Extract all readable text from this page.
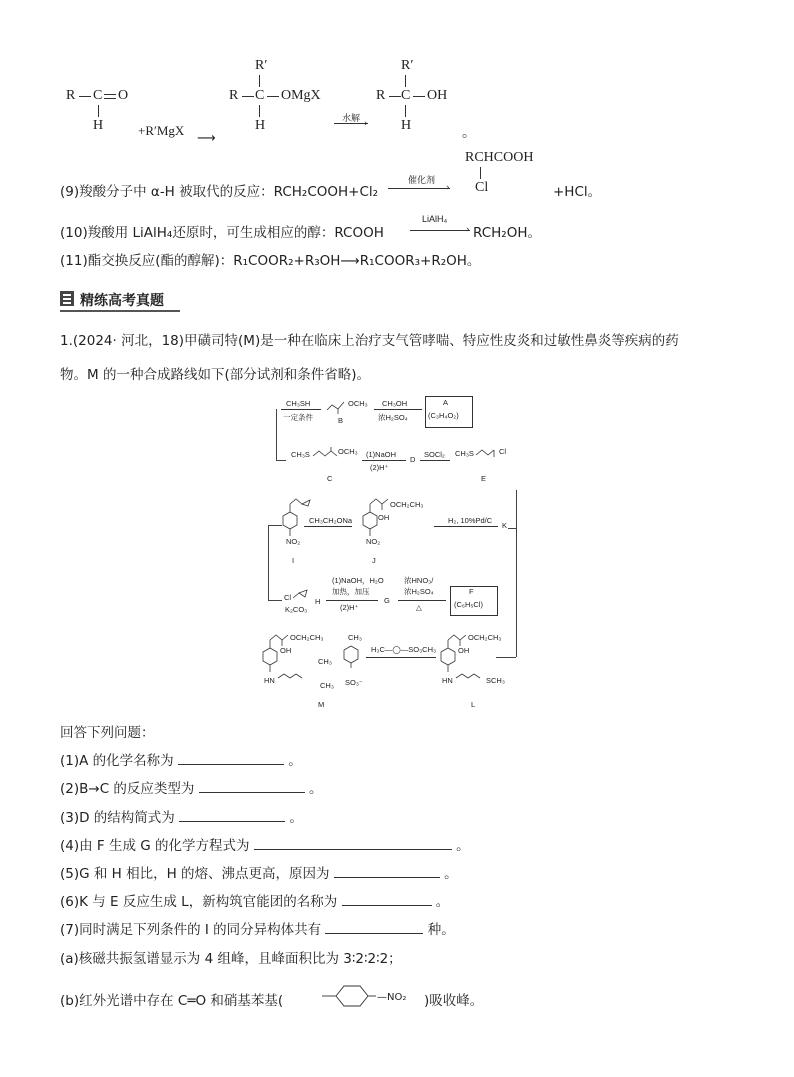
R C O
H	+R′MgX
⟶
R′
R C OMgX
H	水解
›
R′
R C OH
H	。
(9)羧酸分子中 α-H 被取代的反应：RCH₂COOH+Cl₂
催化剂
›
RCHCOOH
Cl	+HCl。
(10)羧酸用 LiAlH₄还原时，可生成相应的醇：RCOOH
LiAlH₄
› RCH₂OH。
(11)酯交换反应(酯的醇解)：R₁COOR₂+R₃OH⟶R₁COOR₃+R₂OH。
精练高考真题
1.(2024· 河北，18)甲磺司特(M)是一种在临床上治疗支气管哮喘、特应性皮炎和过敏性鼻炎等疾病的药
物。M 的一种合成路线如下(部分试剂和条件省略)。
CH₃SH
一定条件
OCH₃
B
CH₃OH
浓H₂SO₄
A
(C₃H₄O₂)
CH₃S	OCH₃
C
(1)NaOH
(2)H⁺
D
SOCl₂ CH₃S	Cl
E
NO₂
I
CH₃CH₂ONa
OCH₂CH₃
OH
NO₂
J
H₂, 10%Pd/C
K
Cl
K₂CO₃
H
(1)NaOH，H₂O
加热，加压
(2)H⁺
G
浓HNO₃/
浓H₂SO₄
△
F
(C₆H₅Cl)
OCH₂CH₃
OH
HN
CH₃
CH₃
CH₃
SO₃⁻
M
H₃C—◯—SO₃CH₃
OCH₂CH₃
OH
HN	SCH₃
L
回答下列问题：
(1)A 的化学名称为	。
(2)B→C 的反应类型为	。
(3)D 的结构简式为	。
(4)由 F 生成 G 的化学方程式为	。
(5)G 和 H 相比，H 的熔、沸点更高，原因为	。
(6)K 与 E 反应生成 L，新构筑官能团的名称为	。
(7)同时满足下列条件的 I 的同分异构体共有	种。
(a)核磁共振氢谱显示为 4 组峰，且峰面积比为 3∶2∶2∶2；
(b)红外光谱中存在 C═O 和硝基苯基(	—NO₂ )吸收峰。
